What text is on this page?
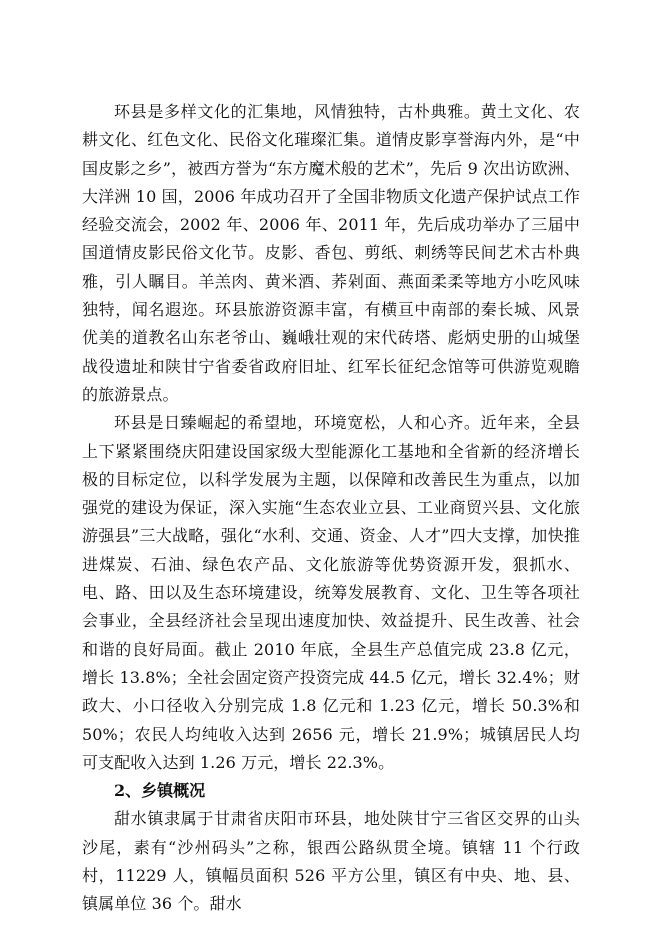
环县是多样文化的汇集地，风情独特，古朴典雅。黄土文化、农耕文化、红色文化、民俗文化璀璨汇集。道情皮影享誉海内外，是“中国皮影之乡”，被西方誉为“东方魔术般的艺术”，先后 9 次出访欧洲、大洋洲 10 国，2006 年成功召开了全国非物质文化遗产保护试点工作经验交流会，2002 年、2006 年、2011 年，先后成功举办了三届中国道情皮影民俗文化节。皮影、香包、剪纸、刺绣等民间艺术古朴典雅，引人瞩目。羊羔肉、黄米酒、荞剁面、燕面柔柔等地方小吃风味独特，闻名遐迩。环县旅游资源丰富，有横亘中南部的秦长城、风景优美的道教名山东老爷山、巍峨壮观的宋代砖塔、彪炳史册的山城堡战役遗址和陕甘宁省委省政府旧址、红军长征纪念馆等可供游览观瞻的旅游景点。

环县是日臻崛起的希望地，环境宽松，人和心齐。近年来，全县上下紧紧围绕庆阳建设国家级大型能源化工基地和全省新的经济增长极的目标定位，以科学发展为主题，以保障和改善民生为重点，以加强党的建设为保证，深入实施“生态农业立县、工业商贸兴县、文化旅游强县”三大战略，强化“水利、交通、资金、人才”四大支撑，加快推进煤炭、石油、绿色农产品、文化旅游等优势资源开发，狠抓水、电、路、田以及生态环境建设，统筹发展教育、文化、卫生等各项社会事业，全县经济社会呈现出速度加快、效益提升、民生改善、社会和谐的良好局面。截止 2010 年底，全县生产总值完成 23.8 亿元，增长 13.8%；全社会固定资产投资完成 44.5 亿元，增长 32.4%；财政大、小口径收入分别完成 1.8 亿元和 1.23 亿元，增长 50.3%和 50%；农民人均纯收入达到 2656 元，增长 21.9%；城镇居民人均可支配收入达到 1.26 万元，增长 22.3%。

2、乡镇概况

甜水镇隶属于甘肃省庆阳市环县，地处陕甘宁三省区交界的山头沙尾，素有“沙州码头”之称，银西公路纵贯全境。镇辖 11 个行政村，11229 人，镇幅员面积 526 平方公里，镇区有中央、地、县、镇属单位 36 个。甜水
